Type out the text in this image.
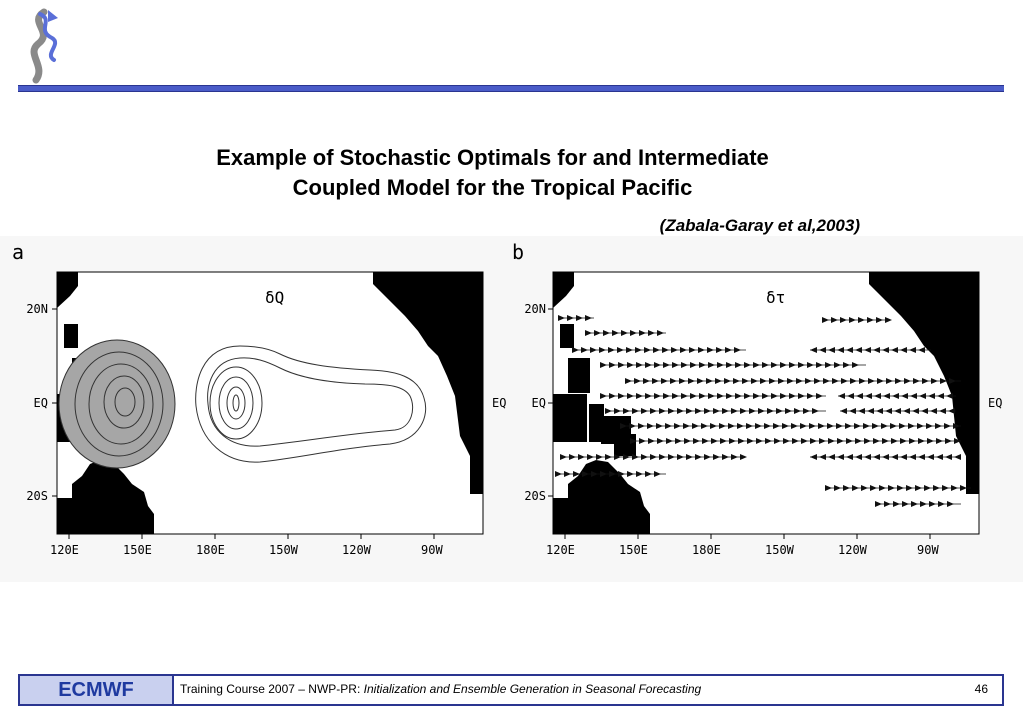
Example of Stochastic Optimals for and Intermediate
Coupled Model for the Tropical Pacific
(Zabala-Garay et al,2003)
a
δQ
120E	150E	180E	150W	120W	90W
20N
EQ
20S
EQ
b
δτ
120E	150E	180E	150W	120W	90W
20N
EQ
20S
EQ
ECMWF	Training Course 2007 – NWP-PR: Initialization and Ensemble Generation in Seasonal Forecasting	46
